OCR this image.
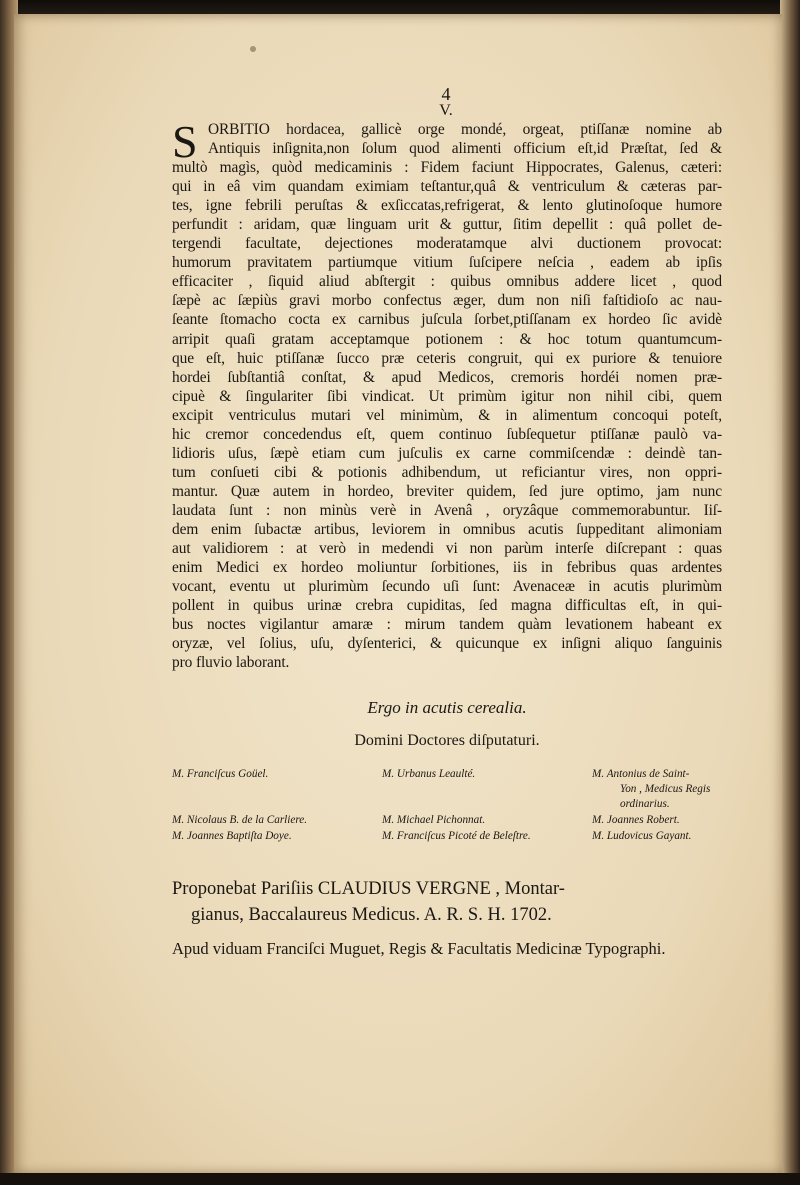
4
V.
S ORBITIO hordacea, gallicè orge mondé, orgeat, ptiſſanæ nomine ab
Antiquis inſignita,non ſolum quod alimenti officium eſt,id Præſtat, ſed &
multò magìs, quòd medicaminis : Fidem faciunt Hippocrates, Galenus, cæteri:
qui in eâ vim quandam eximiam teſtantur,quâ & ventriculum & cæteras par-
tes, igne febrili peruſtas & exſiccatas,refrigerat, & lento glutinoſoque humore
perfundit : aridam, quæ linguam urit & guttur, ſitim depellit : quâ pollet de-
tergendi facultate, dejectiones moderatamque alvi ductionem provocat:
humorum pravitatem partiumque vitium ſuſcipere neſcia , eadem ab ipſis
efficaciter , ſiquid aliud abſtergit : quibus omnibus addere licet , quod
ſæpè ac ſæpiùs gravi morbo confectus æger, dum non niſi faſtidioſo ac nau-
ſeante ſtomacho cocta ex carnibus juſcula ſorbet,ptiſſanam ex hordeo ſic avidè
arripit quaſi gratam acceptamque potionem : & hoc totum quantumcum-
que eſt, huic ptiſſanæ ſucco præ ceteris congruit, qui ex puriore & tenuiore
hordei ſubſtantiâ conſtat, & apud Medicos, cremoris hordéi nomen præ-
cipuè & ſingulariter ſibi vindicat. Ut primùm igitur non nihil cibi, quem
excipit ventriculus mutari vel minimùm, & in alimentum concoqui poteſt,
hic cremor concedendus eſt, quem continuo ſubſequetur ptiſſanæ paulò va-
lidioris uſus, ſæpè etiam cum juſculis ex carne commiſcendæ : deindè tan-
tum conſueti cibi & potionis adhibendum, ut reficiantur vires, non oppri-
mantur. Quæ autem in hordeo, breviter quidem, ſed jure optimo, jam nunc
laudata ſunt : non minùs verè in Avenâ , oryzâque commemorabuntur. Iiſ-
dem enim ſubactæ artibus, leviorem in omnibus acutis ſuppeditant alimoniam
aut validiorem : at verò in medendi vi non parùm interſe diſcrepant : quas
enim Medici ex hordeo moliuntur ſorbitiones, iis in febribus quas ardentes
vocant, eventu ut plurimùm ſecundo uſi ſunt: Avenaceæ in acutis plurimùm
pollent in quibus urinæ crebra cupiditas, ſed magna difficultas eſt, in qui-
bus noctes vigilantur amaræ : mirum tandem quàm levationem habeant ex
oryzæ, vel ſolius, uſu, dyſenterici, & quicunque ex inſigni aliquo ſanguinis
pro fluvio laborant.
Ergo in acutis cerealia.
Domini Doctores diſputaturi.
M. Franciſcus Goüel.	M. Urbanus Leaulté.	M. Antonius de Saint-
Yon , Medicus Regis
ordinarius.
M. Nicolaus B. de la Carliere.	M. Michael Pichonnat.	M. Joannes Robert.
M. Joannes Baptiſta Doye.	M. Franciſcus Picoté de Beleſtre.	M. Ludovicus Gayant.
Proponebat Pariſiis CLAUDIUS VERGNE , Montar-
gianus, Baccalaureus Medicus. A. R. S. H. 1702.
Apud viduam Franciſci Muguet, Regis & Facultatis Medicinæ Typographi.
